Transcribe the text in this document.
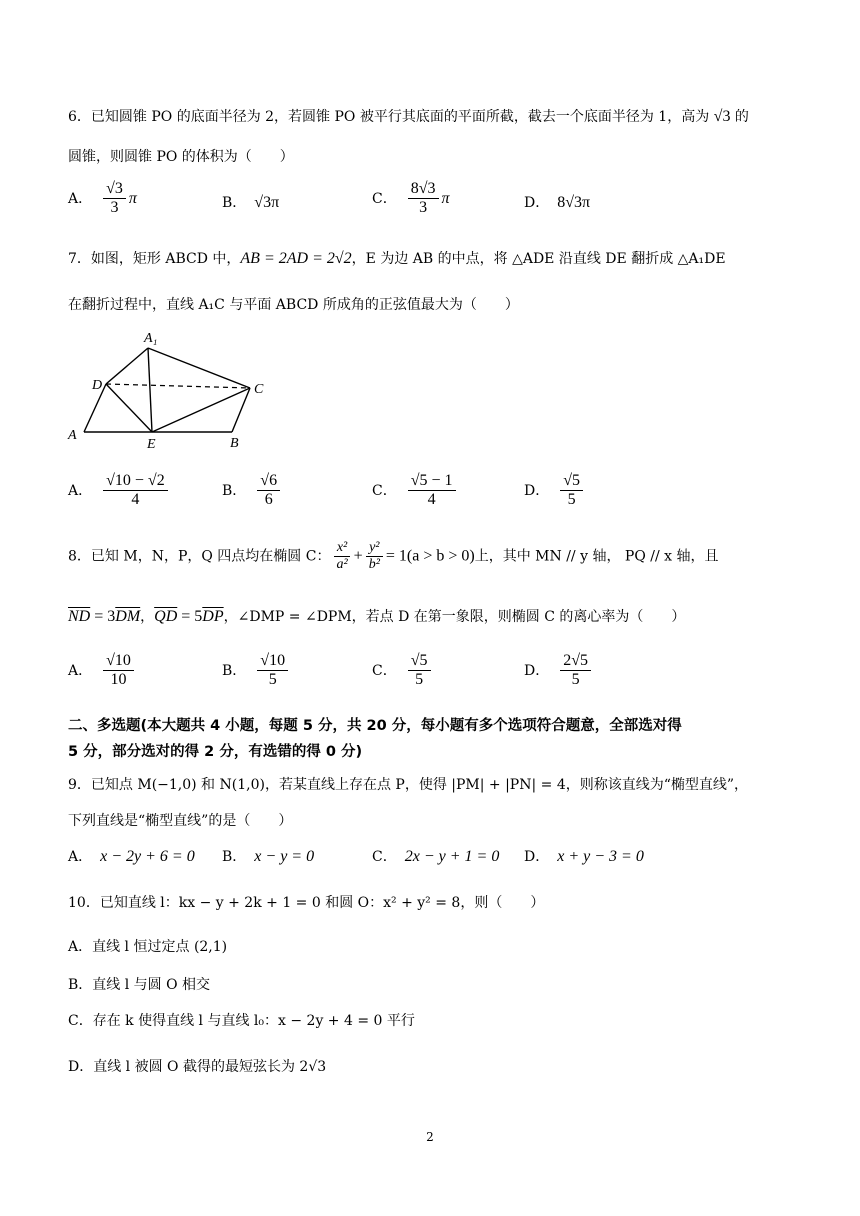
6．已知圆锥 PO 的底面半径为 2，若圆锥 PO 被平行其底面的平面所截，截去一个底面半径为 1，高为 √3 的
圆锥，则圆锥 PO 的体积为（　　）
A． $\frac{√3}{3}$ π	B． √3π	C． $\frac{8√3}{3}$ π	D． 8√3π
7．如图，矩形 ABCD 中，AB = 2AD = 2√2，E 为边 AB 的中点，将 △ADE 沿直线 DE 翻折成 △A₁DE
在翻折过程中，直线 A₁C 与平面 ABCD 所成角的正弦值最大为（　　）
A₁
D	C
A
E	B
A． $\frac{√10 - √2}{4}$	B． $\frac{√6}{6}$	C． $\frac{√5 - 1}{4}$	D． $\frac{√5}{5}$
8．已知 M，N，P，Q 四点均在椭圆 C： $\frac{\text{x²}}{\text{a²}} + \frac{\text{y²}}{\text{b²}} = 1(a > b > 0)$上，其中 MN // y 轴， PQ // x 轴，且
$\overline{ND} = 3\overline{DM}$，$\overline{QD} = 5\overline{DP}$，∠DMP = ∠DPM，若点 D 在第一象限，则椭圆 C 的离心率为（　　）
A． $\frac{√10}{10}$	B． $\frac{√10}{5}$	C． $\frac{√5}{5}$	D． $\frac{2√5}{5}$
二、多选题(本大题共 4 小题，每题 5 分，共 20 分，每小题有多个选项符合题意，全部选对得
5 分，部分选对的得 2 分，有选错的得 0 分)
9．已知点 M(−1,0) 和 N(1,0)，若某直线上存在点 P，使得 |PM| + |PN| = 4，则称该直线为“椭型直线”，
下列直线是“椭型直线”的是（　　）
A． x − 2y + 6 = 0 B． x − y = 0	C． 2x − y + 1 = 0 D． x + y − 3 = 0
10．已知直线 l：kx − y + 2k + 1 = 0 和圆 O：x² + y² = 8，则（　　）
A．直线 l 恒过定点 (2,1)
B．直线 l 与圆 O 相交
C．存在 k 使得直线 l 与直线 l₀：x − 2y + 4 = 0 平行
D．直线 l 被圆 O 截得的最短弦长为 2√3
2
